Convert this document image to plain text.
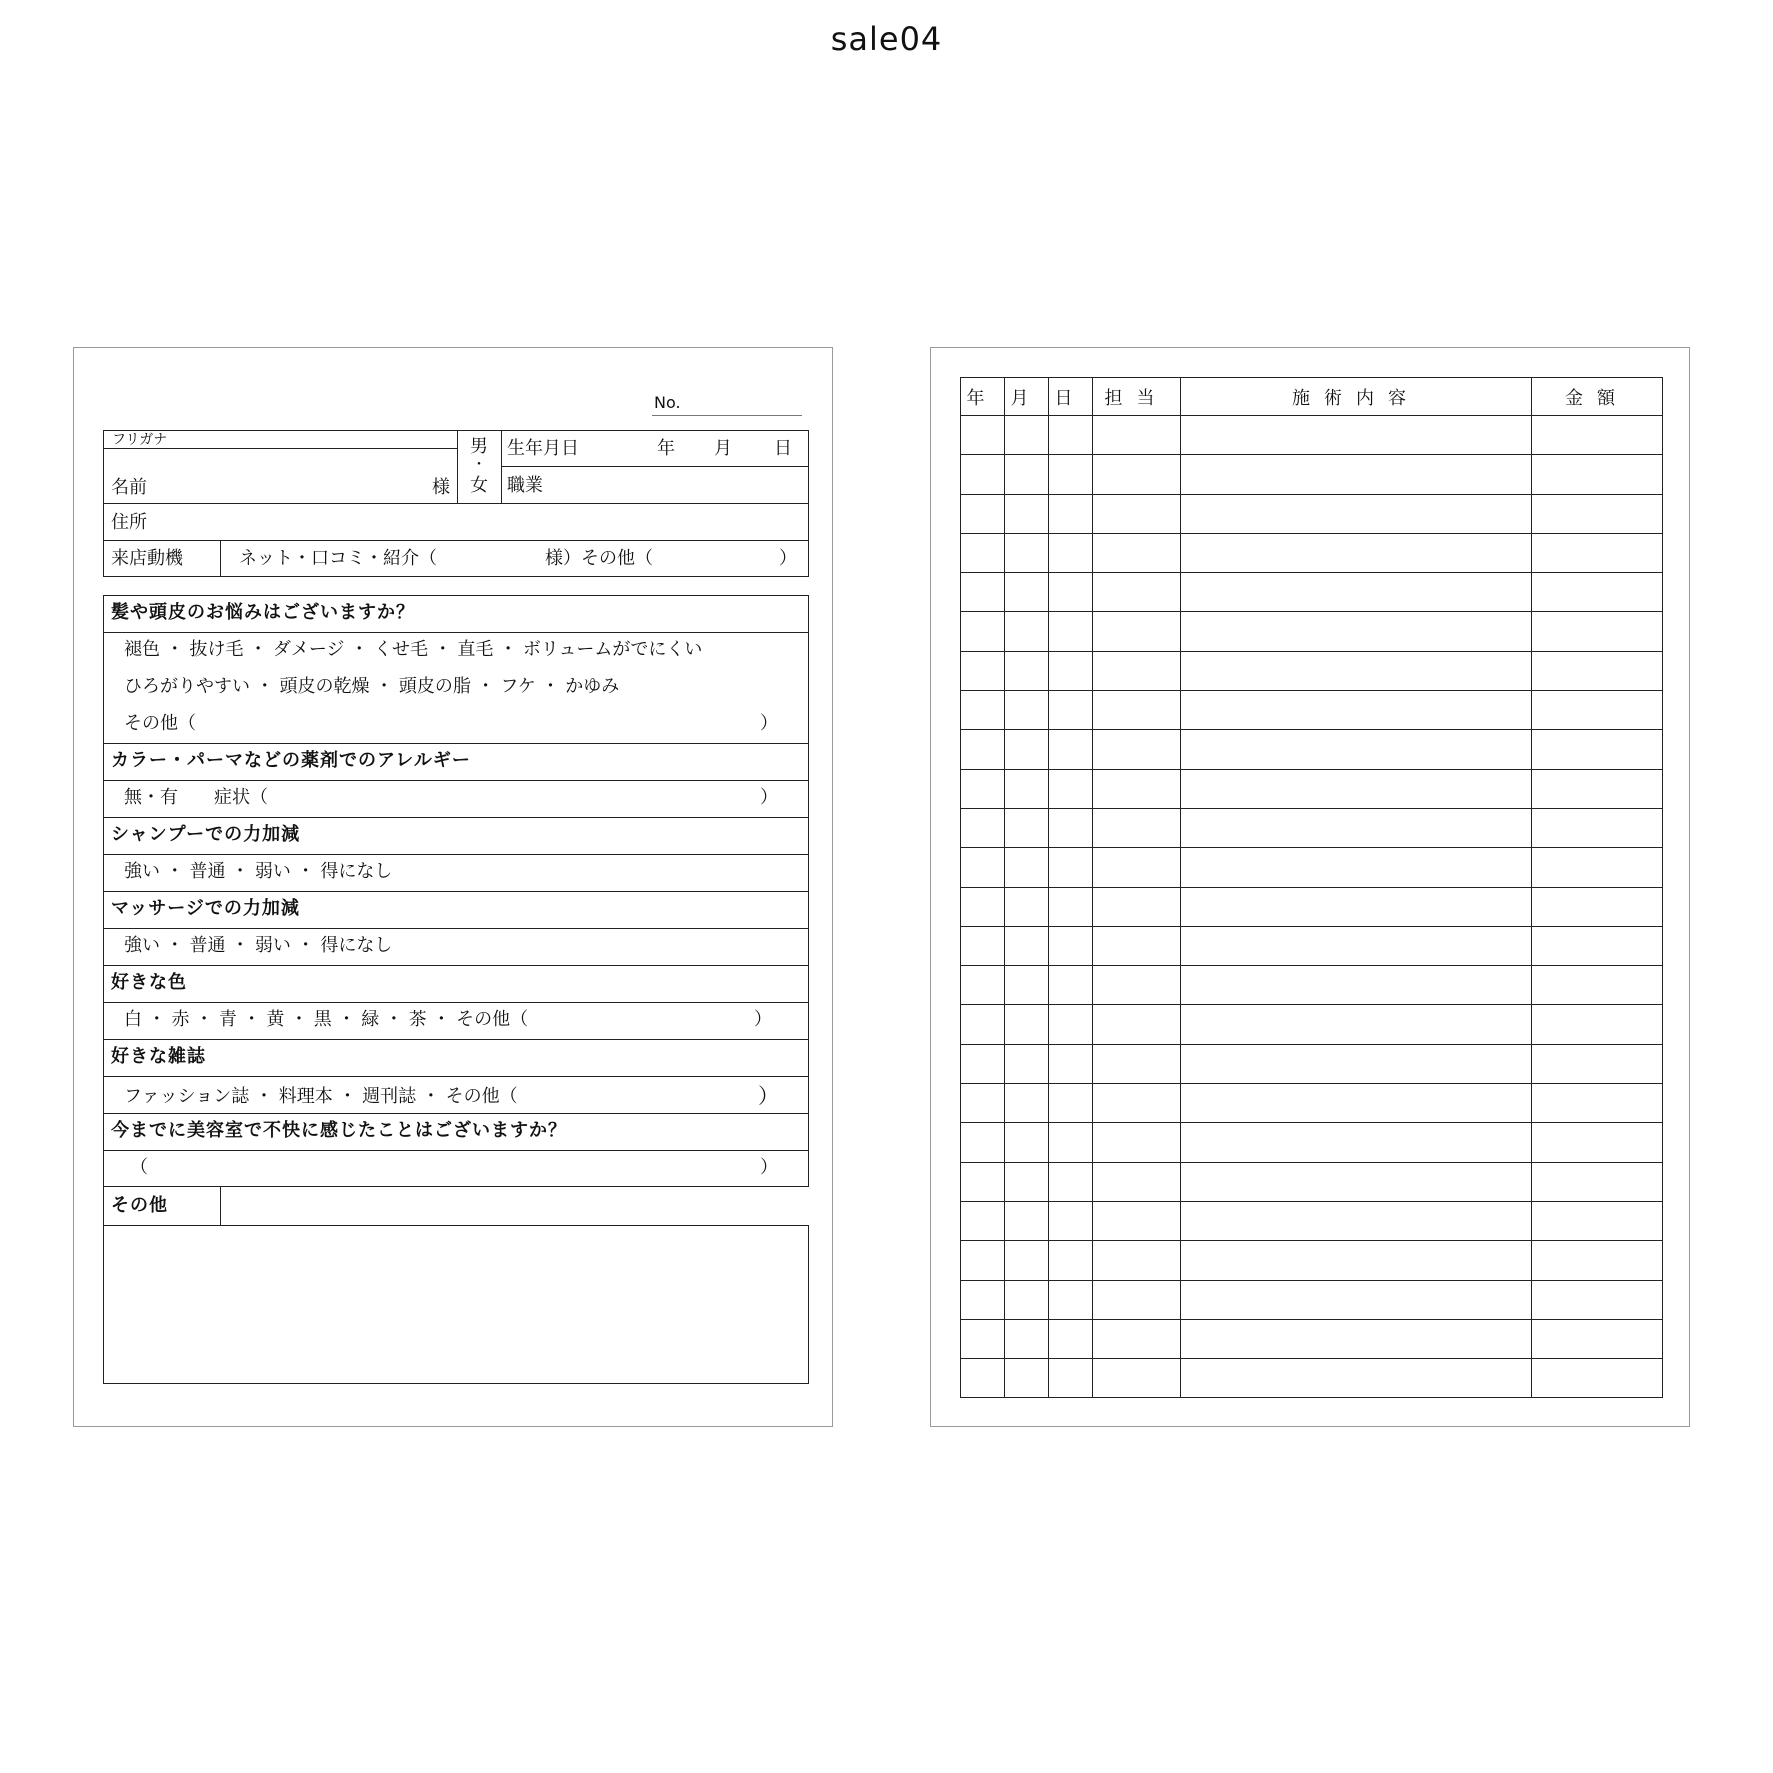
sale04
No.
フリガナ
名前	様
男
・
女
生年月日	年 月 日
職業
住所
来店動機	ネット・口コミ・紹介（　　　　　　様）その他（　　　　　　　）
髪や頭皮のお悩みはございますか？
褪色 ・ 抜け毛 ・ ダメージ ・ くせ毛 ・ 直毛 ・ ボリュームがでにくい
ひろがりやすい ・ 頭皮の乾燥 ・ 頭皮の脂 ・ フケ ・ かゆみ
その他（	）
カラー・パーマなどの薬剤でのアレルギー
無・有　　症状（	）
シャンプーでの力加減
強い ・ 普通 ・ 弱い ・ 得になし
マッサージでの力加減
強い ・ 普通 ・ 弱い ・ 得になし
好きな色
白 ・ 赤 ・ 青 ・ 黄 ・ 黒 ・ 緑 ・ 茶 ・ その他（	）
好きな雑誌
ファッション誌 ・ 料理本 ・ 週刊誌 ・ その他（	）
今までに美容室で不快に感じたことはございますか？
（	）
その他
年	月	日	担当	施術内容	金額
